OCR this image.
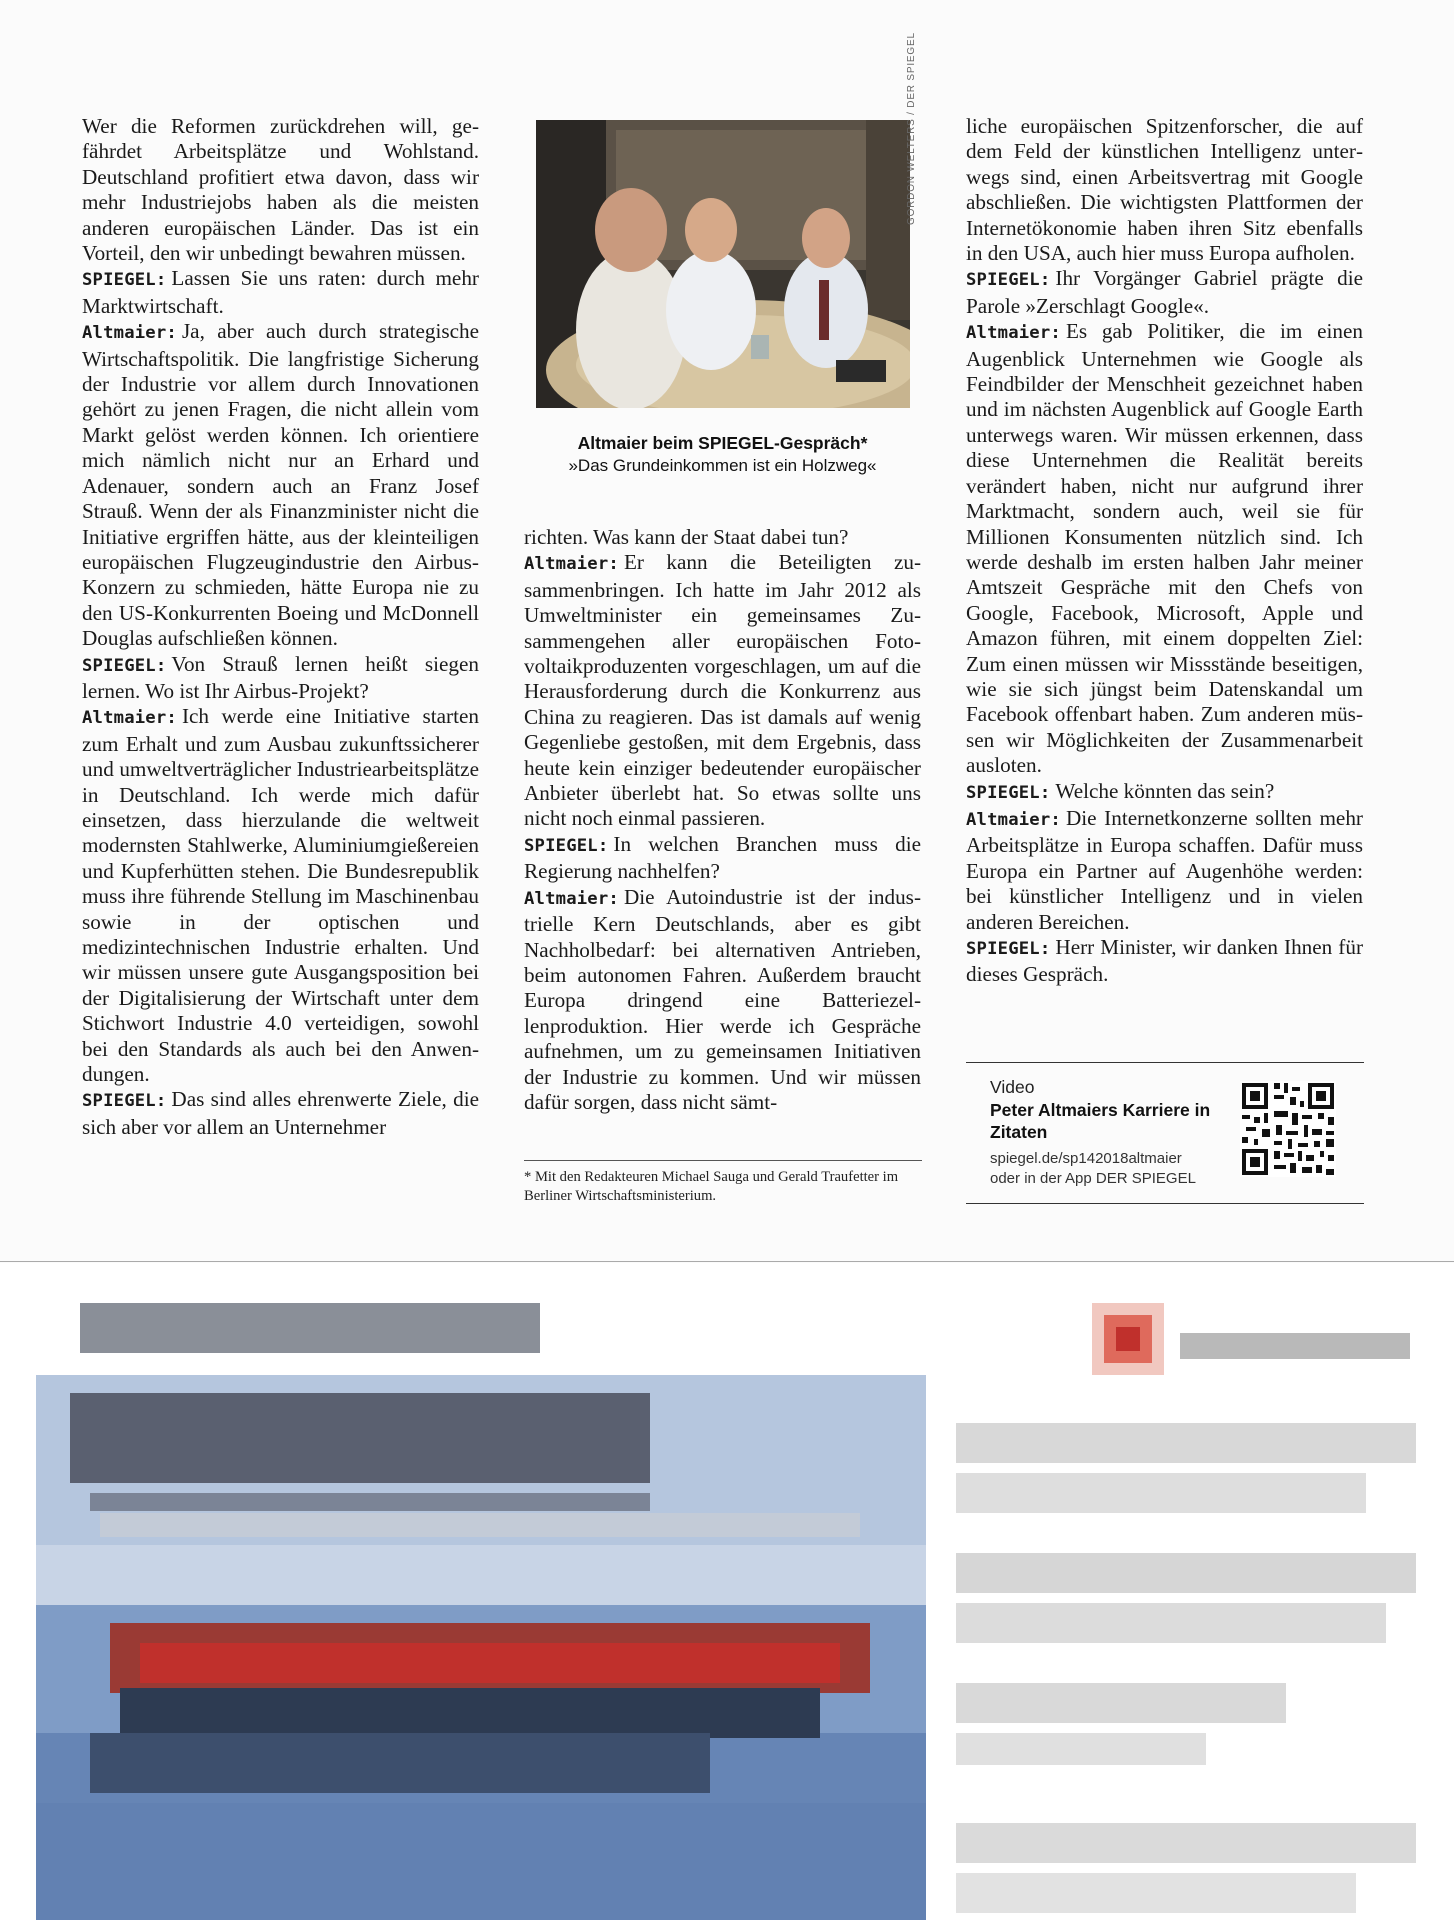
Wer die Reformen zurückdrehen will, gefährdet Arbeitsplätze und Wohlstand. Deutschland profitiert etwa davon, dass wir mehr Industriejobs haben als die meisten anderen europäischen Länder. Das ist ein Vorteil, den wir unbedingt bewahren müssen.

SPIEGEL: Lassen Sie uns raten: durch mehr Marktwirtschaft.

Altmaier: Ja, aber auch durch strategische Wirtschaftspolitik. Die langfristige Sicherung der Industrie vor allem durch Innovationen gehört zu jenen Fragen, die nicht allein vom Markt gelöst werden können. Ich orientiere mich nämlich nicht nur an Erhard und Adenauer, sondern auch an Franz Josef Strauß. Wenn der als Finanzminister nicht die Initiative ergriffen hätte, aus der kleinteiligen europäischen Flugzeugindustrie den Airbus-Konzern zu schmieden, hätte Europa nie zu den US-Konkurrenten Boeing und McDonnell Douglas aufschließen können.

SPIEGEL: Von Strauß lernen heißt siegen lernen. Wo ist Ihr Airbus-Projekt?

Altmaier: Ich werde eine Initiative starten zum Erhalt und zum Ausbau zukunftssicherer und umweltverträglicher Industriearbeitsplätze in Deutschland. Ich werde mich dafür einsetzen, dass hierzulande die weltweit modernsten Stahlwerke, Aluminiumgießereien und Kupferhütten stehen. Die Bundesrepublik muss ihre führende Stellung im Maschinenbau sowie in der optischen und medizintechnischen Industrie erhalten. Und wir müssen unsere gute Ausgangsposition bei der Digitalisierung der Wirtschaft unter dem Stichwort Industrie 4.0 verteidigen, sowohl bei den Standards als auch bei den Anwendungen.

SPIEGEL: Das sind alles ehrenwerte Ziele, die sich aber vor allem an Unternehmer

GORDON WELTERS / DER SPIEGEL
Altmaier beim SPIEGEL-Gespräch*
»Das Grundeinkommen ist ein Holzweg«

richten. Was kann der Staat dabei tun?

Altmaier: Er kann die Beteiligten zusammenbringen. Ich hatte im Jahr 2012 als Umweltminister ein gemeinsames Zusammengehen aller europäischen Fotovoltaikproduzenten vorgeschlagen, um auf die Herausforderung durch die Konkurrenz aus China zu reagieren. Das ist damals auf wenig Gegenliebe gestoßen, mit dem Ergebnis, dass heute kein einziger bedeutender europäischer Anbieter überlebt hat. So etwas sollte uns nicht noch einmal passieren.

SPIEGEL: In welchen Branchen muss die Regierung nachhelfen?

Altmaier: Die Autoindustrie ist der industrielle Kern Deutschlands, aber es gibt Nachholbedarf: bei alternativen Antrieben, beim autonomen Fahren. Außerdem braucht Europa dringend eine Batteriezellenproduktion. Hier werde ich Gespräche aufnehmen, um zu gemeinsamen Initiativen der Industrie zu kommen. Und wir müssen dafür sorgen, dass nicht sämt-

* Mit den Redakteuren Michael Sauga und Gerald Traufetter im Berliner Wirtschaftsministerium.

liche europäischen Spitzenforscher, die auf dem Feld der künstlichen Intelligenz unterwegs sind, einen Arbeitsvertrag mit Google abschließen. Die wichtigsten Plattformen der Internetökonomie haben ihren Sitz ebenfalls in den USA, auch hier muss Europa aufholen.

SPIEGEL: Ihr Vorgänger Gabriel prägte die Parole »Zerschlagt Google«.

Altmaier: Es gab Politiker, die im einen Augenblick Unternehmen wie Google als Feindbilder der Menschheit gezeichnet haben und im nächsten Augenblick auf Google Earth unterwegs waren. Wir müssen erkennen, dass diese Unternehmen die Realität bereits verändert haben, nicht nur aufgrund ihrer Marktmacht, sondern auch, weil sie für Millionen Konsumenten nützlich sind. Ich werde deshalb im ersten halben Jahr meiner Amtszeit Gespräche mit den Chefs von Google, Facebook, Microsoft, Apple und Amazon führen, mit einem doppelten Ziel: Zum einen müssen wir Missstände beseitigen, wie sie sich jüngst beim Datenskandal um Facebook offenbart haben. Zum anderen müssen wir Möglichkeiten der Zusammenarbeit ausloten.

SPIEGEL: Welche könnten das sein?

Altmaier: Die Internetkonzerne sollten mehr Arbeitsplätze in Europa schaffen. Dafür muss Europa ein Partner auf Augenhöhe werden: bei künstlicher Intelligenz und in vielen anderen Bereichen.

SPIEGEL: Herr Minister, wir danken Ihnen für dieses Gespräch.

Video
Peter Altmaiers Karriere in Zitaten
spiegel.de/sp142018altmaier
oder in der App DER SPIEGEL
